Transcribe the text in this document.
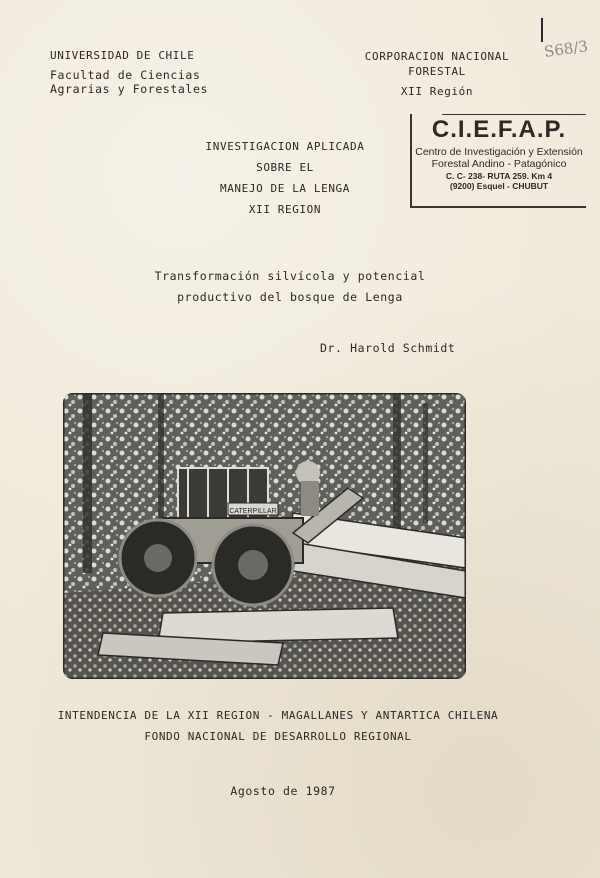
S68/3
UNIVERSIDAD DE CHILE
Facultad de Ciencias
Agrarias y Forestales
CORPORACION NACIONAL
FORESTAL
XII Región
C.I.E.F.A.P.
Centro de Investigación y Extensión
Forestal Andino - Patagónico
C. C- 238- RUTA 259. Km 4
(9200) Esquel - CHUBUT
INVESTIGACION APLICADA
SOBRE EL
MANEJO DE LA LENGA
XII REGION
Transformación silvícola y potencial
productivo del bosque de Lenga
Dr. Harold Schmidt
CATERPILLAR
INTENDENCIA DE LA XII REGION - MAGALLANES Y ANTARTICA CHILENA
FONDO NACIONAL DE DESARROLLO REGIONAL
Agosto de 1987
